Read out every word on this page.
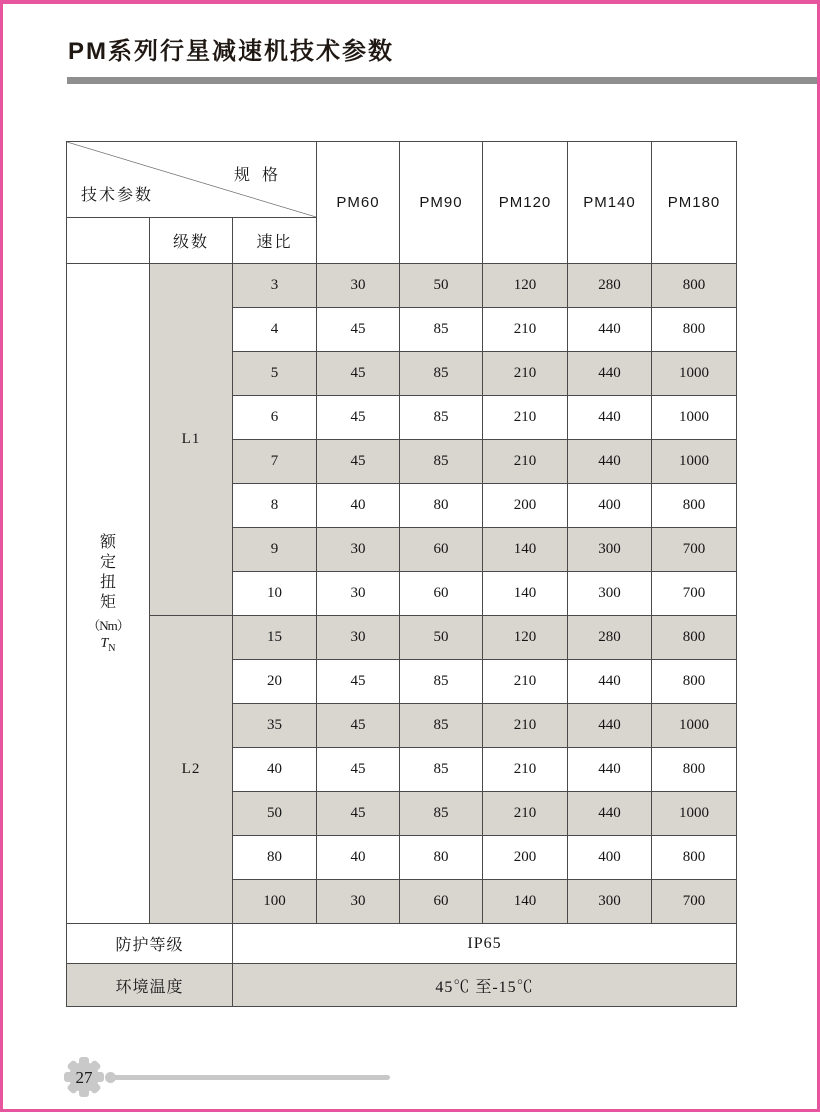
PM系列行星减速机技术参数
规 格
技术参数			PM60	PM90	PM120	PM140	PM180
	级数	速比					

额定扭矩
（Nm）
$T_N$	L1	3	30	50	120	280	800
		4	45	85	210	440	800
		5	45	85	210	440	1000
		6	45	85	210	440	1000
		7	45	85	210	440	1000
		8	40	80	200	400	800
		9	30	60	140	300	700
		10	30	60	140	300	700
	L2	15	30	50	120	280	800
		20	45	85	210	440	800
		35	45	85	210	440	1000
		40	45	85	210	440	800
		50	45	85	210	440	1000
		80	40	80	200	400	800
		100	30	60	140	300	700
防护等级		IP65					
环境温度		45℃ 至-15℃					
27
